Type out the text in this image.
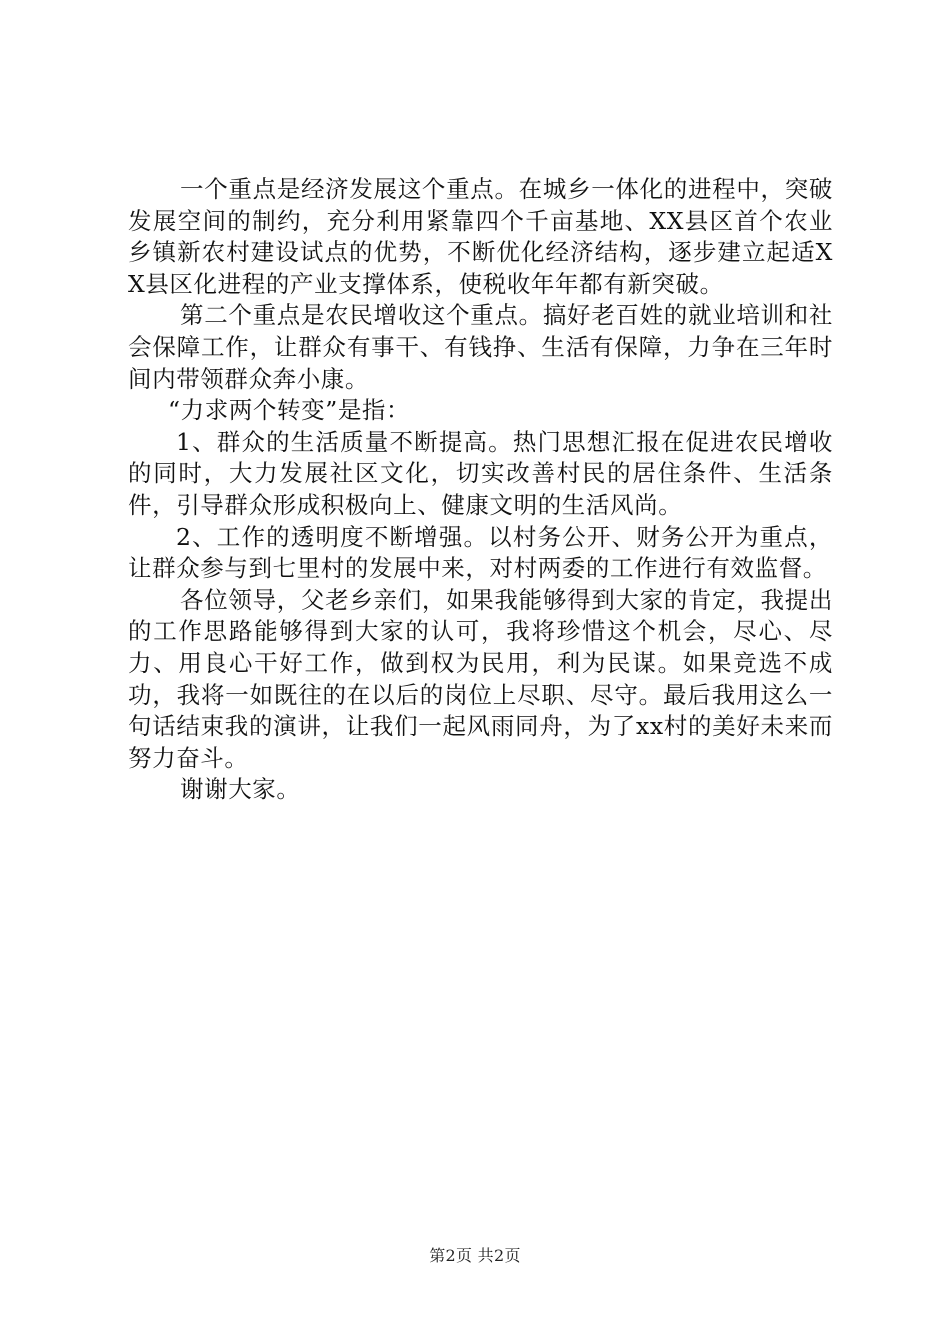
一个重点是经济发展这个重点。在城乡一体化的进程中，突破发展空间的制约，充分利用紧靠四个千亩基地、XX县区首个农业乡镇新农村建设试点的优势，不断优化经济结构，逐步建立起适XX县区化进程的产业支撑体系，使税收年年都有新突破。

第二个重点是农民增收这个重点。搞好老百姓的就业培训和社会保障工作，让群众有事干、有钱挣、生活有保障，力争在三年时间内带领群众奔小康。

“力求两个转变”是指：

1、群众的生活质量不断提高。热门思想汇报在促进农民增收的同时，大力发展社区文化，切实改善村民的居住条件、生活条件，引导群众形成积极向上、健康文明的生活风尚。

2、工作的透明度不断增强。以村务公开、财务公开为重点，让群众参与到七里村的发展中来，对村两委的工作进行有效监督。

各位领导，父老乡亲们，如果我能够得到大家的肯定，我提出的工作思路能够得到大家的认可，我将珍惜这个机会，尽心、尽力、用良心干好工作，做到权为民用，利为民谋。如果竞选不成功，我将一如既往的在以后的岗位上尽职、尽守。最后我用这么一句话结束我的演讲，让我们一起风雨同舟，为了xx村的美好未来而努力奋斗。

谢谢大家。

第2页 共2页
